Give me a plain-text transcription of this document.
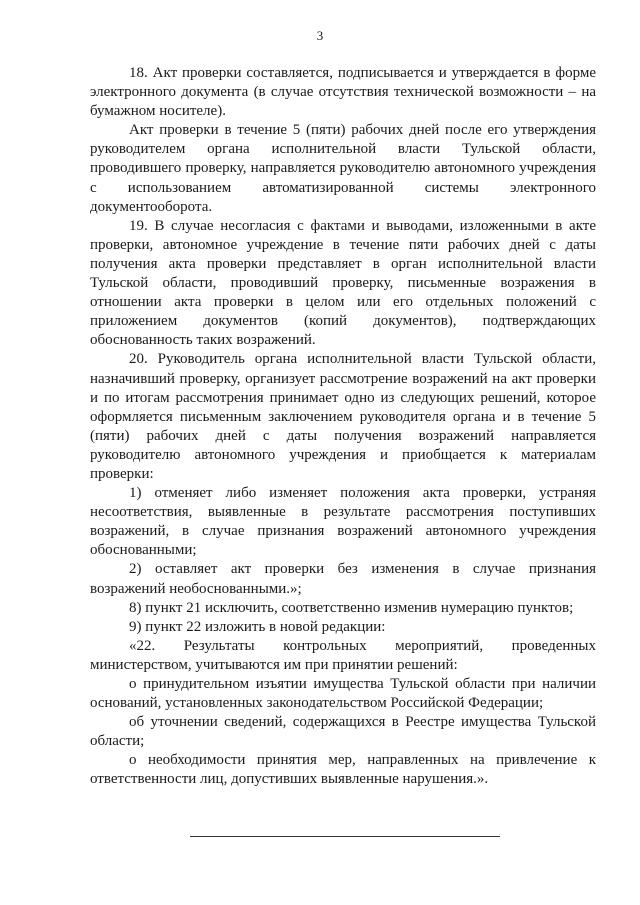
3

18. Акт проверки составляется, подписывается и утверждается в форме электронного документа (в случае отсутствия технической возможности – на бумажном носителе).

Акт проверки в течение 5 (пяти) рабочих дней после его утверждения руководителем органа исполнительной власти Тульской области, проводившего проверку, направляется руководителю автономного учреждения с использованием автоматизированной системы электронного документооборота.

19. В случае несогласия с фактами и выводами, изложенными в акте проверки, автономное учреждение в течение пяти рабочих дней с даты получения акта проверки представляет в орган исполнительной власти Тульской области, проводивший проверку, письменные возражения в отношении акта проверки в целом или его отдельных положений с приложением документов (копий документов), подтверждающих обоснованность таких возражений.

20. Руководитель органа исполнительной власти Тульской области, назначивший проверку, организует рассмотрение возражений на акт проверки и по итогам рассмотрения принимает одно из следующих решений, которое оформляется письменным заключением руководителя органа и в течение 5 (пяти) рабочих дней с даты получения возражений направляется руководителю автономного учреждения и приобщается к материалам проверки:

1) отменяет либо изменяет положения акта проверки, устраняя несоответствия, выявленные в результате рассмотрения поступивших возражений, в случае признания возражений автономного учреждения обоснованными;

2) оставляет акт проверки без изменения в случае признания возражений необоснованными.»;

8) пункт 21 исключить, соответственно изменив нумерацию пунктов;

9) пункт 22 изложить в новой редакции:

«22. Результаты контрольных мероприятий, проведенных министерством, учитываются им при принятии решений:

о принудительном изъятии имущества Тульской области при наличии оснований, установленных законодательством Российской Федерации;

об уточнении сведений, содержащихся в Реестре имущества Тульской области;

о необходимости принятия мер, направленных на привлечение к ответственности лиц, допустивших выявленные нарушения.».
